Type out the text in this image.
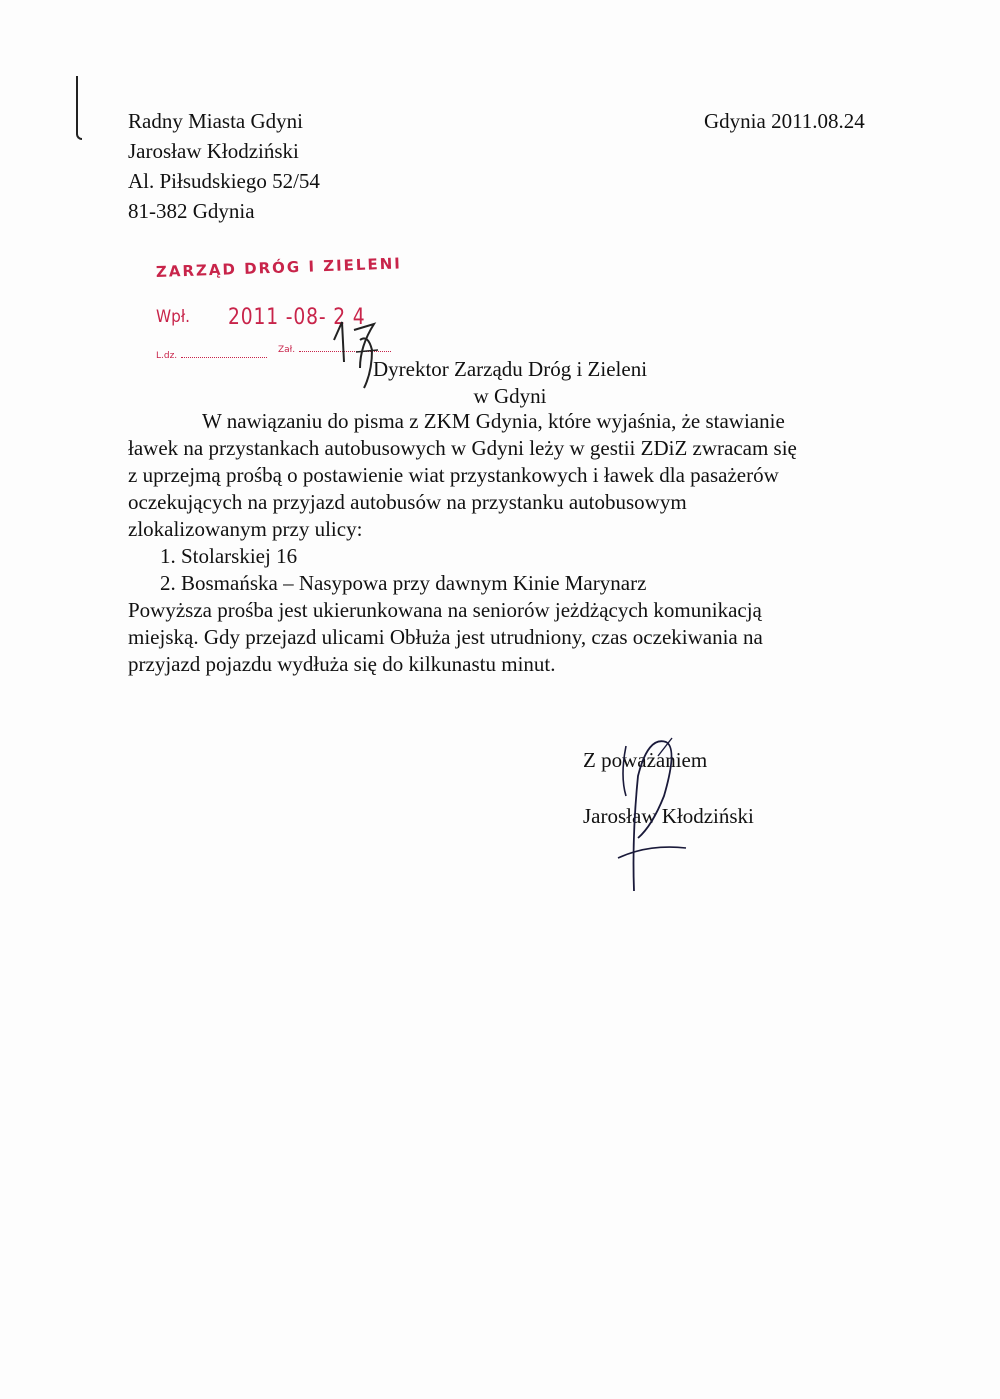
Radny Miasta Gdyni
Jarosław Kłodziński
Al. Piłsudskiego 52/54
81-382 Gdynia
Gdynia 2011.08.24
ZARZĄD DRÓG I ZIELENI
Wpł. 2011 -08- 2 4
L.dz.
Zał.
Dyrektor Zarządu Dróg i Zieleni
w Gdyni
W nawiązaniu do pisma z ZKM Gdynia, które wyjaśnia, że stawianie
ławek na przystankach autobusowych w Gdyni leży w gestii ZDiZ zwracam się
z uprzejmą prośbą o postawienie wiat przystankowych i ławek dla pasażerów
oczekujących na przyjazd autobusów na przystanku autobusowym
zlokalizowanym przy ulicy:
1. Stolarskiej 16
2. Bosmańska – Nasypowa przy dawnym Kinie Marynarz
Powyższa prośba jest ukierunkowana na seniorów jeżdżących komunikacją
miejską. Gdy przejazd ulicami Obłuża jest utrudniony, czas oczekiwania na
przyjazd pojazdu wydłuża się do kilkunastu minut.
Z poważaniem
Jarosław Kłodziński
